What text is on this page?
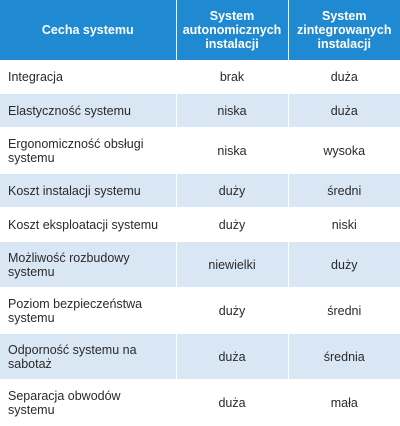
Cecha systemu	System autonomicznych instalacji	System zintegrowanych instalacji
Integracja	brak	duża
Elastyczność systemu	niska	duża
Ergonomiczność obsługi systemu	niska	wysoka
Koszt instalacji systemu	duży	średni
Koszt eksploatacji systemu	duży	niski
Możliwość rozbudowy systemu	niewielki	duży
Poziom bezpieczeństwa systemu	duży	średni
Odporność systemu na sabotaż	duża	średnia
Separacja obwodów systemu	duża	mała
